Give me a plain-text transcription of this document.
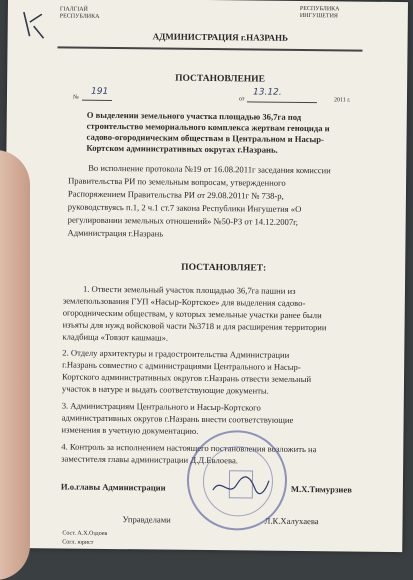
ГІАЛГІАЙ
РЕСПУБЛИКА
РЕСПУБЛИКА
ИНГУШЕТИЯ
АДМИНИСТРАЦИЯ г.НАЗРАНЬ
ПОСТАНОВЛЕНИЕ
№
191
от
13.12.
2011 г.
О выделении земельного участка площадью 36,7га под
строительство мемориального комплекса жертвам геноцида и
садово-огородническим обществам в Центральном и Насыр-
Кортском административных округах г.Назрань.
Во исполнение протокола №19 от 16.08.2011г заседания комиссии
Правительства РИ по земельным вопросам, утвержденного
Распоряжением Правительства РИ от 29.08.2011г № 738-р,
руководствуясь п.1, 2 ч.1 ст.7 закона Республики Ингушетия «О
регулировании земельных отношений» №50-РЗ от 14.12.2007г,
Администрация г.Назрань
ПОСТАНОВЛЯЕТ:
1. Отвести земельный участок площадью 36,7га пашни из
землепользования ГУП «Насыр-Кортское» для выделения садово-
огородническим обществам, у которых земельные участки ранее были
изъяты для нужд войсковой части №3718 и для расширения территории
кладбища «Товзот кашмаш».
2. Отделу архитектуры и градостроительства Администрации
г.Назрань совместно с администрациями Центрального и Насыр-
Кортского административных округов г.Назрань отвести земельный
участок в натуре и выдать соответствующие документы.
3. Администрациям Центрального и Насыр-Кортского
административных округов г.Назрань внести соответствующие
изменения в учетную документацию.
4. Контроль за исполнением настоящего постановления возложить на
заместителя главы администрации Д.Д.Евлоева.
И.о.главы Администрации	М.Х.Тимурзиев
Управделами	Л.К.Халухаева
Сост. А.Х.Оздоев
Согл. юрист
